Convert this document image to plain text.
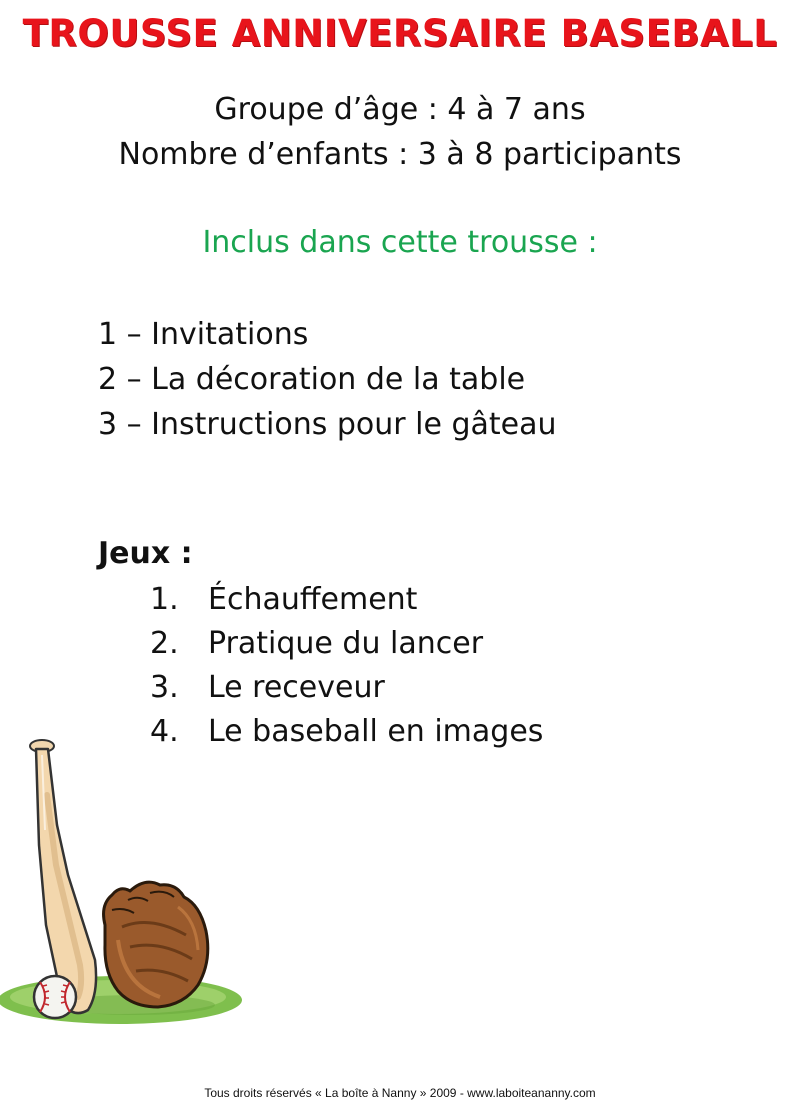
TROUSSE ANNIVERSAIRE BASEBALL
Groupe d’âge : 4 à 7 ans
Nombre d’enfants : 3 à 8 participants
Inclus dans cette trousse :
1 – Invitations
2 – La décoration de la table
3 – Instructions pour le gâteau
Jeux :
1. Échauffement
2. Pratique du lancer
3. Le receveur
4. Le baseball en images
Tous droits réservés « La boîte à Nanny » 2009 - www.laboiteananny.com
